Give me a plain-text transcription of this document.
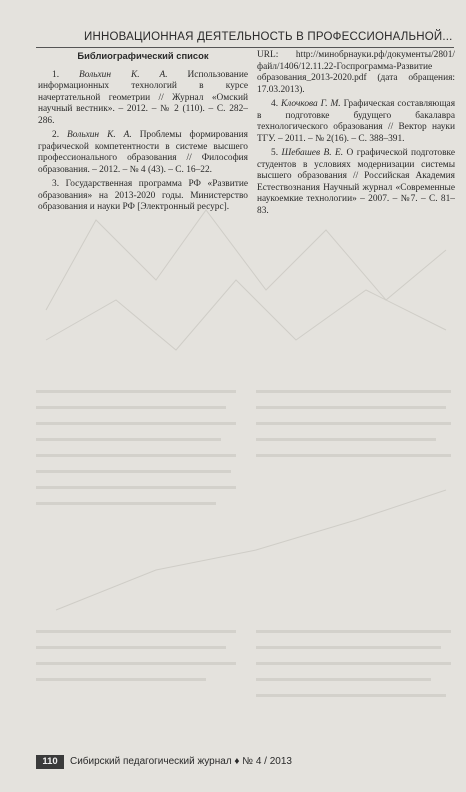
ИННОВАЦИОННАЯ ДЕЯТЕЛЬНОСТЬ В ПРОФЕССИОНАЛЬНОЙ...
Библиографический список

1. Вольхин К. А. Использование информационных технологий в курсе начертательной геометрии // Журнал «Омский научный вестник». – 2012. – № 2 (110). – С. 282–286.

2. Вольхин К. А. Проблемы формирования графической компетентности в системе высшего профессионального образования // Философия образования. – 2012. – № 4 (43). – С. 16–22.

3. Государственная программа РФ «Развитие образования» на 2013-2020 годы. Министерство образования и науки РФ [Электронный ресурс].

URL: http://минобрнауки.рф/документы/2801/файл/1406/12.11.22-Госпрограмма-Развитие образования_2013-2020.pdf (дата обращения: 17.03.2013).

4. Клочкова Г. М. Графическая составляющая в подготовке будущего бакалавра технологического образования // Вектор науки ТГУ. – 2011. – № 2(16). – С. 388–391.

5. Шебашев В. Е. О графической подготовке студентов в условиях модернизации системы высшего образования // Российская Академия Естествознания Научный журнал «Современные наукоемкие технологии» – 2007. – №7. – С. 81–83.

110	Сибирский педагогический журнал ♦ № 4 / 2013
